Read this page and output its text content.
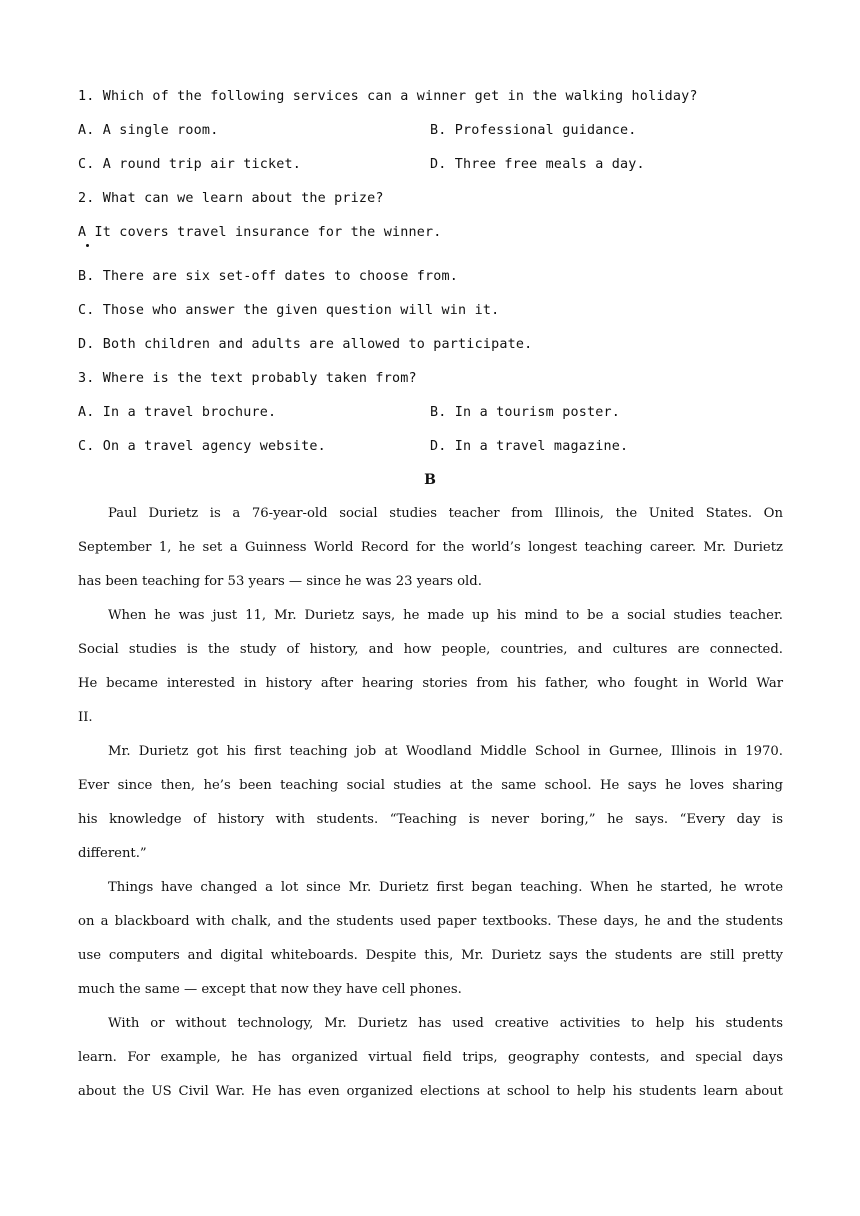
1. Which of the following services can a winner get in the walking holiday?
A. A single room.	B. Professional guidance.
C. A round trip air ticket.	D. Three free meals a day.
2. What can we learn about the prize?
A It covers travel insurance for the winner.
B. There are six set-off dates to choose from.
C. Those who answer the given question will win it.
D. Both children and adults are allowed to participate.
3. Where is the text probably taken from?
A. In a travel brochure.	B. In a tourism poster.
C. On a travel agency website.	D. In a travel magazine.
B
Paul Durietz is a 76-year-old social studies teacher from Illinois, the United States. On
September 1, he set a Guinness World Record for the world’s longest teaching career. Mr. Durietz
has been teaching for 53 years — since he was 23 years old.
When he was just 11, Mr. Durietz says, he made up his mind to be a social studies teacher.
Social studies is the study of history, and how people, countries, and cultures are connected.
He became interested in history after hearing stories from his father, who fought in World War
II.
Mr. Durietz got his first teaching job at Woodland Middle School in Gurnee, Illinois in 1970.
Ever since then, he’s been teaching social studies at the same school. He says he loves sharing
his knowledge of history with students. “Teaching is never boring,” he says. “Every day is
different.”
Things have changed a lot since Mr. Durietz first began teaching. When he started, he wrote
on a blackboard with chalk, and the students used paper textbooks. These days, he and the students
use computers and digital whiteboards. Despite this, Mr. Durietz says the students are still pretty
much the same — except that now they have cell phones.
With or without technology, Mr. Durietz has used creative activities to help his students
learn. For example, he has organized virtual field trips, geography contests, and special days
about the US Civil War. He has even organized elections at school to help his students learn about
